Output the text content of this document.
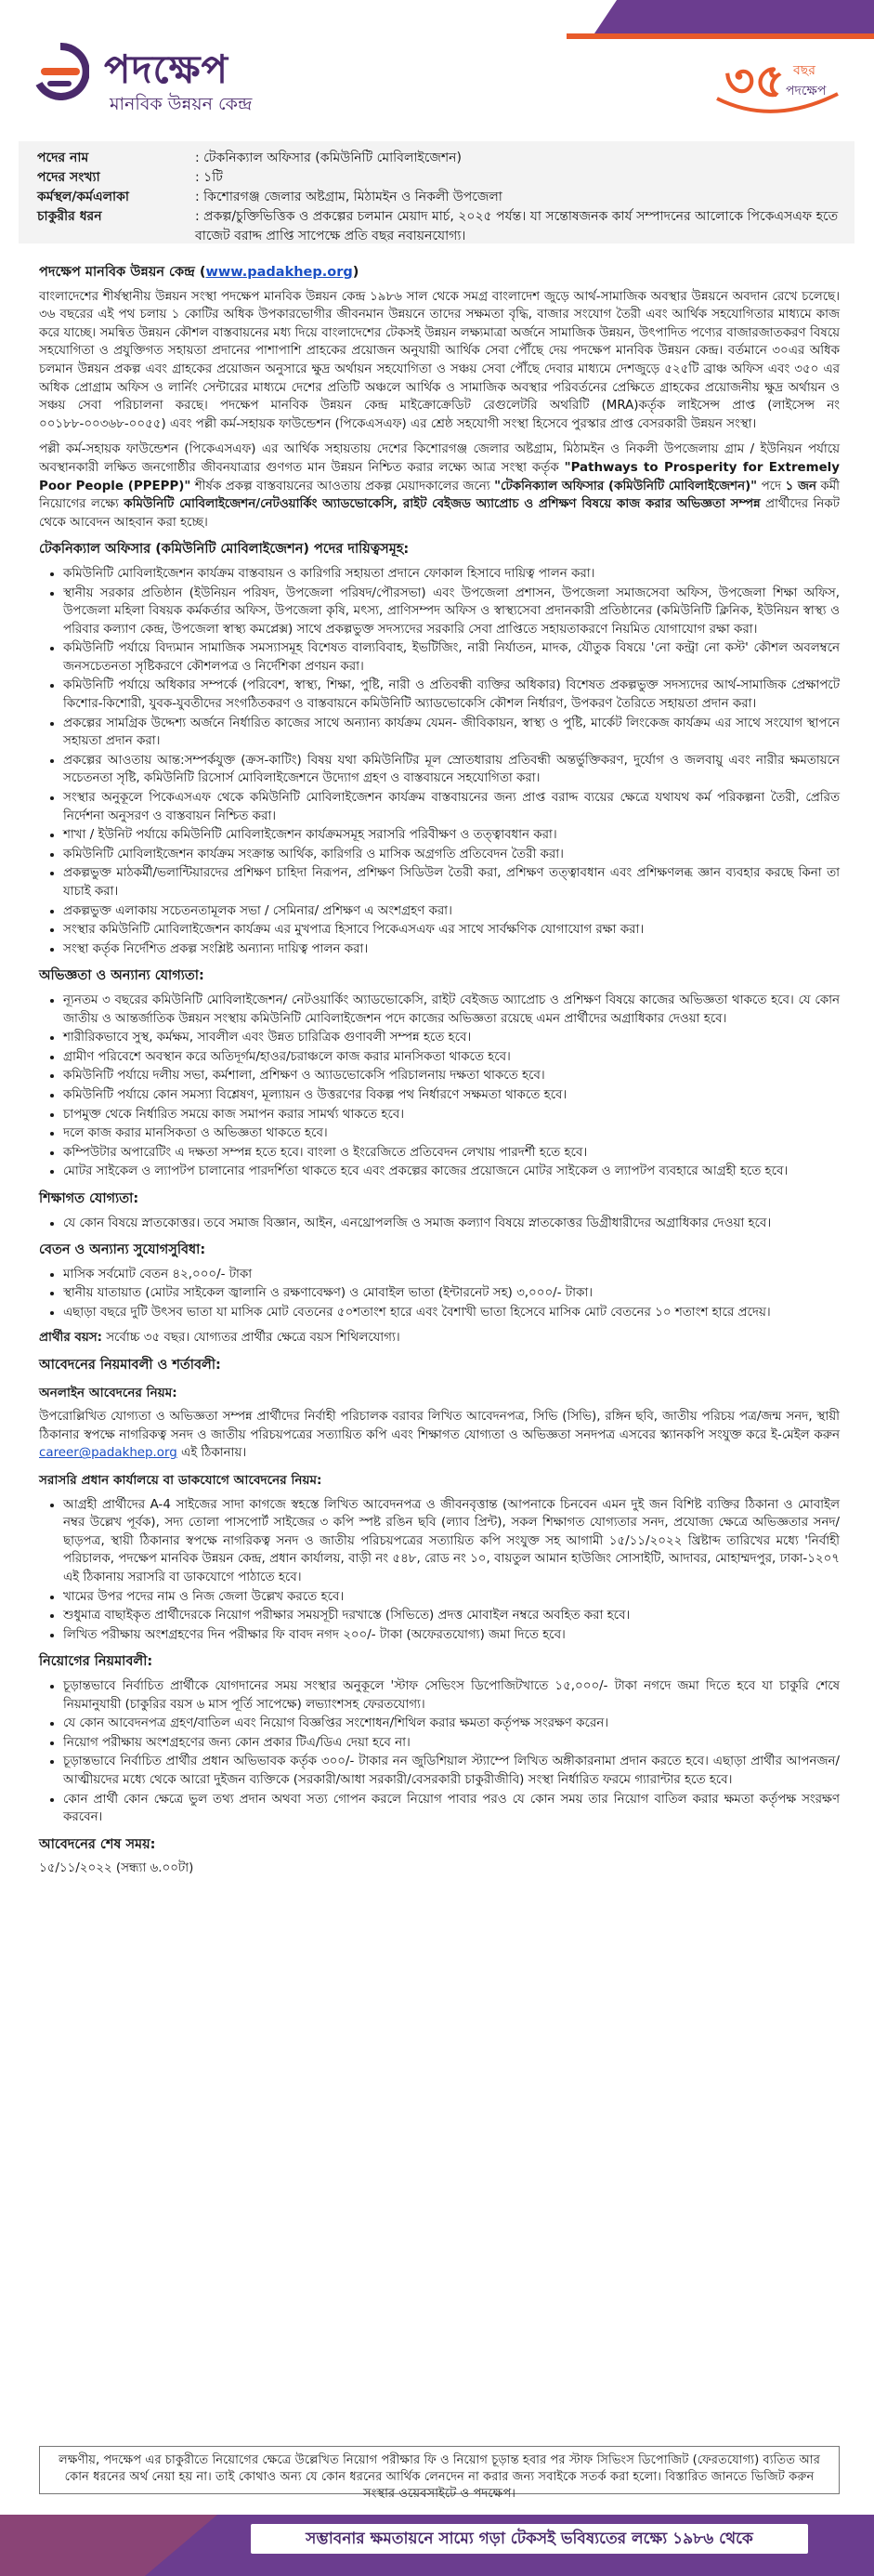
পদক্ষেপ
মানবিক উন্নয়ন কেন্দ্র	৩৫ বছর
পদক্ষেপ
পদের নাম	: টেকনিক্যাল অফিসার (কমিউনিটি মোবিলাইজেশন)
পদের সংখ্যা	: ১টি
কর্মস্থল/কর্মএলাকা	: কিশোরগঞ্জ জেলার অষ্টগ্রাম, মিঠামইন ও নিকলী উপজেলা
চাকুরীর ধরন	: প্রকল্প/চুক্তিভিত্তিক ও প্রকল্পের চলমান মেয়াদ মার্চ, ২০২৫ পর্যন্ত। যা সন্তোষজনক কার্য সম্পাদনের আলোকে পিকেএসএফ হতে বাজেট বরাদ্দ প্রাপ্তি সাপেক্ষে প্রতি বছর নবায়নযোগ্য।
পদক্ষেপ মানবিক উন্নয়ন কেন্দ্র (www.padakhep.org)

বাংলাদেশের শীর্ষস্থানীয় উন্নয়ন সংস্থা পদক্ষেপ মানবিক উন্নয়ন কেন্দ্র ১৯৮৬ সাল থেকে সমগ্র বাংলাদেশ জুড়ে আর্থ-সামাজিক অবস্থার উন্নয়নে অবদান রেখে চলেছে। ৩৬ বছরের এই পথ চলায় ১ কোটির অধিক উপকারভোগীর জীবনমান উন্নয়নে তাদের সক্ষমতা বৃদ্ধি, বাজার সংযোগ তৈরী এবং আর্থিক সহযোগিতার মাধ্যমে কাজ করে যাচ্ছে। সমন্বিত উন্নয়ন কৌশল বাস্তবায়নের মধ্য দিয়ে বাংলাদেশের টেকসই উন্নয়ন লক্ষ্যমাত্রা অর্জনে সামাজিক উন্নয়ন, উৎপাদিত পণ্যের বাজারজাতকরণ বিষয়ে সহযোগিতা ও প্রযুক্তিগত সহায়তা প্রদানের পাশাপাশি প্রাহকের প্রয়োজন অনুযায়ী আর্থিক সেবা পৌঁছে দেয় পদক্ষেপ মানবিক উন্নয়ন কেন্দ্র। বর্তমানে ৩০এর অধিক চলমান উন্নয়ন প্রকল্প এবং গ্রাহকের প্রয়োজন অনুসারে ক্ষুদ্র অর্থায়ন সহযোগিতা ও সঞ্চয় সেবা পৌঁছে দেবার মাধ্যমে দেশজুড়ে ৫২৫টি ব্রাঞ্চ অফিস এবং ৩৫০ এর অধিক প্রোগ্রাম অফিস ও লার্নিং সেন্টারের মাধ্যমে দেশের প্রতিটি অঞ্চলে আর্থিক ও সামাজিক অবস্থার পরিবর্তনের প্রেক্ষিতে গ্রাহকের প্রয়োজনীয় ক্ষুদ্র অর্থায়ন ও সঞ্চয় সেবা পরিচালনা করছে। পদক্ষেপ মানবিক উন্নয়ন কেন্দ্র মাইক্রোক্রেডিট রেগুলেটরি অথরিটি (MRA)কর্তৃক লাইসেন্স প্রাপ্ত (লাইসেন্স নং ০০১৮৮-০০৩৬৮-০০৫৫) এবং পল্লী কর্ম-সহায়ক ফাউন্ডেশন (পিকেএসএফ) এর শ্রেষ্ঠ সহযোগী সংস্থা হিসেবে পুরস্কার প্রাপ্ত বেসরকারী উন্নয়ন সংস্থা।

পল্লী কর্ম-সহায়ক ফাউন্ডেশন (পিকেএসএফ) এর আর্থিক সহায়তায় দেশের কিশোরগঞ্জ জেলার অষ্টগ্রাম, মিঠামইন ও নিকলী উপজেলায় গ্রাম / ইউনিয়ন পর্যায়ে অবস্থানকারী লক্ষিত জনগোষ্ঠীর জীবনযাত্রার গুণগত মান উন্নয়ন নিশ্চিত করার লক্ষ্যে আত্র সংস্থা কর্তৃক "Pathways to Prosperity for Extremely Poor People (PPEPP)" শীর্ষক প্রকল্প বাস্তবায়নের আওতায় প্রকল্প মেয়াদকালের জন্যে "টেকনিক্যাল অফিসার (কমিউনিটি মোবিলাইজেশন)" পদে ১ জন কর্মী নিয়োগের লক্ষ্যে কমিউনিটি মোবিলাইজেশন/নেটওয়ার্কিং অ্যাডভোকেসি, রাইট বেইজড অ্যাপ্রোচ ও প্রশিক্ষণ বিষয়ে কাজ করার অভিজ্ঞতা সম্পন্ন প্রার্থীদের নিকট থেকে আবেদন আহবান করা হচ্ছে।

টেকনিক্যাল অফিসার (কমিউনিটি মোবিলাইজেশন) পদের দায়িত্বসমূহ:
• কমিউনিটি মোবিলাইজেশন কার্যক্রম বাস্তবায়ন ও কারিগরি সহায়তা প্রদানে ফোকাল হিসাবে দায়িত্ব পালন করা।
• স্থানীয় সরকার প্রতিষ্ঠান (ইউনিয়ন পরিষদ, উপজেলা পরিষদ/পৌরসভা) এবং উপজেলা প্রশাসন, উপজেলা সমাজসেবা অফিস, উপজেলা শিক্ষা অফিস, উপজেলা মহিলা বিষয়ক কর্মকর্তার অফিস, উপজেলা কৃষি, মৎস্য, প্রাণিসম্পদ অফিস ও স্বাস্থ্যসেবা প্রদানকারী প্রতিষ্ঠানের (কমিউনিটি ক্লিনিক, ইউনিয়ন স্বাস্থ্য ও পরিবার কল্যাণ কেন্দ্র, উপজেলা স্বাস্থ্য কমপ্লেক্স) সাথে প্রকল্পভুক্ত সদস্যদের সরকারি সেবা প্রাপ্তিতে সহায়তাকরণে নিয়মিত যোগাযোগ রক্ষা করা।
• কমিউনিটি পর্যায়ে বিদ্যমান সামাজিক সমস্যাসমূহ বিশেষত বাল্যবিবাহ, ইভটিজিং, নারী নির্যাতন, মাদক, যৌতুক বিষয়ে 'নো কন্ট্রা নো কস্ট' কৌশল অবলম্বনে জনসচেতনতা সৃষ্টিকরণে কৌশলপত্র ও নির্দেশিকা প্রণয়ন করা।
• কমিউনিটি পর্যায়ে অধিকার সম্পর্কে (পরিবেশ, স্বাস্থ্য, শিক্ষা, পুষ্টি, নারী ও প্রতিবন্ধী ব্যক্তির অধিকার) বিশেষত প্রকল্পভুক্ত সদস্যদের আর্থ-সামাজিক প্রেক্ষাপটে কিশোর-কিশোরী, যুবক-যুবতীদের সংগঠিতকরণ ও বাস্তবায়নে কমিউনিটি অ্যাডভোকেসি কৌশল নির্ধারণ, উপকরণ তৈরিতে সহায়তা প্রদান করা।
• প্রকল্পের সামগ্রিক উদ্দেশ্য অর্জনে নির্ধারিত কাজের সাথে অন্যান্য কার্যক্রম যেমন- জীবিকায়ন, স্বাস্থ্য ও পুষ্টি, মার্কেট লিংকেজ কার্যক্রম এর সাথে সংযোগ স্থাপনে সহায়তা প্রদান করা।
• প্রকল্পের আওতায় আন্ত:সম্পর্কযুক্ত (ক্রস-কাটিং) বিষয় যথা কমিউনিটির মূল স্রোতধারায় প্রতিবন্ধী অন্তর্ভুক্তিকরণ, দুর্যোগ ও জলবায়ু এবং নারীর ক্ষমতায়নে সচেতনতা সৃষ্টি, কমিউনিটি রিসোর্স মোবিলাইজেশনে উদ্যোগ গ্রহণ ও বাস্তবায়নে সহযোগিতা করা।
• সংস্থার অনুকূলে পিকেএসএফ থেকে কমিউনিটি মোবিলাইজেশন কার্যক্রম বাস্তবায়নের জন্য প্রাপ্ত বরাদ্দ ব্যয়ের ক্ষেত্রে যথাযথ কর্ম পরিকল্পনা তৈরী, প্রেরিত নির্দেশনা অনুসরণ ও বাস্তবায়ন নিশ্চিত করা।
• শাখা / ইউনিট পর্যায়ে কমিউনিটি মোবিলাইজেশন কার্যক্রমসমূহ সরাসরি পরিবীক্ষণ ও তত্ত্বাবধান করা।
• কমিউনিটি মোবিলাইজেশন কার্যক্রম সংক্রান্ত আর্থিক, কারিগরি ও মাসিক অগ্রগতি প্রতিবেদন তৈরী করা।
• প্রকল্পভুক্ত মাঠকর্মী/ভলান্টিয়ারদের প্রশিক্ষণ চাহিদা নিরূপন, প্রশিক্ষণ সিডিউল তৈরী করা, প্রশিক্ষণ তত্ত্বাবধান এবং প্রশিক্ষণলব্ধ জ্ঞান ব্যবহার করছে কিনা তা যাচাই করা।
• প্রকল্পভুক্ত এলাকায় সচেতনতামূলক সভা / সেমিনার/ প্রশিক্ষণ এ অংশগ্রহণ করা।
• সংস্থার কমিউনিটি মোবিলাইজেশন কার্যক্রম এর মুখপাত্র হিসাবে পিকেএসএফ এর সাথে সার্বক্ষণিক যোগাযোগ রক্ষা করা।
• সংস্থা কর্তৃক নির্দেশিত প্রকল্প সংশ্লিষ্ট অন্যান্য দায়িত্ব পালন করা।
অভিজ্ঞতা ও অন্যান্য যোগ্যতা:
• ন্যূনতম ৩ বছরের কমিউনিটি মোবিলাইজেশন/ নেটওয়ার্কিং অ্যাডভোকেসি, রাইট বেইজড অ্যাপ্রোচ ও প্রশিক্ষণ বিষয়ে কাজের অভিজ্ঞতা থাকতে হবে। যে কোন জাতীয় ও আন্তর্জাতিক উন্নয়ন সংস্থায় কমিউনিটি মোবিলাইজেশন পদে কাজের অভিজ্ঞতা রয়েছে এমন প্রার্থীদের অগ্রাধিকার দেওয়া হবে।
• শারীরিকভাবে সুস্থ, কর্মক্ষম, সাবলীল এবং উন্নত চারিত্রিক গুণাবলী সম্পন্ন হতে হবে।
• গ্রামীণ পরিবেশে অবস্থান করে অতিদূর্গম/হাওর/চরাঞ্চলে কাজ করার মানসিকতা থাকতে হবে।
• কমিউনিটি পর্যায়ে দলীয় সভা, কর্মশালা, প্রশিক্ষণ ও অ্যাডভোকেসি পরিচালনায় দক্ষতা থাকতে হবে।
• কমিউনিটি পর্যায়ে কোন সমস্যা বিশ্লেষণ, মূল্যায়ন ও উত্তরণের বিকল্প পথ নির্ধারণে সক্ষমতা থাকতে হবে।
• চাপমুক্ত থেকে নির্ধারিত সময়ে কাজ সমাপন করার সামর্থ্য থাকতে হবে।
• দলে কাজ করার মানসিকতা ও অভিজ্ঞতা থাকতে হবে।
• কম্পিউটার অপারেটিং এ দক্ষতা সম্পন্ন হতে হবে। বাংলা ও ইংরেজিতে প্রতিবেদন লেখায় পারদর্শী হতে হবে।
• মোটর সাইকেল ও ল্যাপটপ চালানোর পারদর্শিতা থাকতে হবে এবং প্রকল্পের কাজের প্রয়োজনে মোটর সাইকেল ও ল্যাপটপ ব্যবহারে আগ্রহী হতে হবে।
শিক্ষাগত যোগ্যতা:
• যে কোন বিষয়ে স্নাতকোত্তর। তবে সমাজ বিজ্ঞান, আইন, এনথ্রোপলজি ও সমাজ কল্যাণ বিষয়ে স্নাতকোত্তর ডিগ্রীধারীদের অগ্রাধিকার দেওয়া হবে।
বেতন ও অন্যান্য সুযোগসুবিধা:
• মাসিক সর্বমোট বেতন ৪২,০০০/- টাকা
• স্থানীয় যাতায়াত (মোটর সাইকেল জ্বালানি ও রক্ষণাবেক্ষণ) ও মোবাইল ভাতা (ইন্টারনেট সহ) ৩,০০০/- টাকা।
• এছাড়া বছরে দুটি উৎসব ভাতা যা মাসিক মোট বেতনের ৫০শতাংশ হারে এবং বৈশাখী ভাতা হিসেবে মাসিক মোট বেতনের ১০ শতাংশ হারে প্রদেয়।
প্রার্থীর বয়স: সর্বোচ্চ ৩৫ বছর। যোগ্যতর প্রার্থীর ক্ষেত্রে বয়স শিথিলযোগ্য।
আবেদনের নিয়মাবলী ও শর্তাবলী:
অনলাইন আবেদনের নিয়ম:

উপরোল্লিখিত যোগ্যতা ও অভিজ্ঞতা সম্পন্ন প্রার্থীদের নির্বাহী পরিচালক বরাবর লিখিত আবেদনপত্র, সিভি (সিভি), রঙ্গিন ছবি, জাতীয় পরিচয় পত্র/জন্ম সনদ, স্থায়ী ঠিকানার স্বপক্ষে নাগরিকত্ব সনদ ও জাতীয় পরিচয়পত্রের সত্যায়িত কপি এবং শিক্ষাগত যোগ্যতা ও অভিজ্ঞতা সনদপত্র এসবের স্ক্যানকপি সংযুক্ত করে ই-মেইল করুন career@padakhep.org এই ঠিকানায়।

সরাসরি প্রধান কার্যালয়ে বা ডাকযোগে আবেদনের নিয়ম:
• আগ্রহী প্রার্থীদের A-4 সাইজের সাদা কাগজে স্বহস্তে লিখিত আবেদনপত্র ও জীবনবৃত্তান্ত (আপনাকে চিনবেন এমন দুই জন বিশিষ্ট ব্যক্তির ঠিকানা ও মোবাইল নম্বর উল্লেখ পূর্বক), সদ্য তোলা পাসপোর্ট সাইজের ৩ কপি স্পষ্ট রঙিন ছবি (ল্যাব প্রিন্ট), সকল শিক্ষাগত যোগ্যতার সনদ, প্রযোজ্য ক্ষেত্রে অভিজ্ঞতার সনদ/ছাড়পত্র, স্থায়ী ঠিকানার স্বপক্ষে নাগরিকত্ব সনদ ও জাতীয় পরিচয়পত্রের সত্যায়িত কপি সংযুক্ত সহ আগামী ১৫/১১/২০২২ খ্রিষ্টাব্দ তারিখের মধ্যে 'নির্বাহী পরিচালক, পদক্ষেপ মানবিক উন্নয়ন কেন্দ্র, প্রধান কার্যালয়, বাড়ী নং ৫৪৮, রোড নং ১০, বায়তুল আমান হাউজিং সোসাইটি, আদাবর, মোহাম্মদপুর, ঢাকা-১২০৭ এই ঠিকানায় সরাসরি বা ডাকযোগে পাঠাতে হবে।
• খামের উপর পদের নাম ও নিজ জেলা উল্লেখ করতে হবে।
• শুধুমাত্র বাছাইকৃত প্রার্থীদেরকে নিয়োগ পরীক্ষার সময়সূচী দরখাস্তে (সিভিতে) প্রদত্ত মোবাইল নম্বরে অবহিত করা হবে।
• লিখিত পরীক্ষায় অংশগ্রহণের দিন পরীক্ষার ফি বাবদ নগদ ২০০/- টাকা (অফেরতযোগ্য) জমা দিতে হবে।
নিয়োগের নিয়মাবলী:
• চূড়ান্তভাবে নির্বাচিত প্রার্থীকে যোগদানের সময় সংস্থার অনুকূলে 'স্টাফ সেভিংস ডিপোজিটখাতে ১৫,০০০/- টাকা নগদে জমা দিতে হবে যা চাকুরি শেষে নিয়মানুযায়ী (চাকুরির বয়স ৬ মাস পূর্তি সাপেক্ষে) লভ্যাংশসহ ফেরতযোগ্য।
• যে কোন আবেদনপত্র গ্রহণ/বাতিল এবং নিয়োগ বিজ্ঞপ্তির সংশোধন/শিথিল করার ক্ষমতা কর্তৃপক্ষ সংরক্ষণ করেন।
• নিয়োগ পরীক্ষায় অংশগ্রহণের জন্য কোন প্রকার টিএ/ডিএ দেয়া হবে না।
• চূড়ান্তভাবে নির্বাচিত প্রার্থীর প্রধান অভিভাবক কর্তৃক ৩০০/- টাকার নন জুডিশিয়াল স্ট্যাম্পে লিখিত অঙ্গীকারনামা প্রদান করতে হবে। এছাড়া প্রার্থীর আপনজন/ আত্মীয়দের মধ্যে থেকে আরো দুইজন ব্যক্তিকে (সরকারী/আধা সরকারী/বেসরকারী চাকুরীজীবি) সংস্থা নির্ধারিত ফরমে গ্যারান্টার হতে হবে।
• কোন প্রার্থী কোন ক্ষেত্রে ভুল তথ্য প্রদান অথবা সত্য গোপন করলে নিয়োগ পাবার পরও যে কোন সময় তার নিয়োগ বাতিল করার ক্ষমতা কর্তৃপক্ষ সংরক্ষণ করবেন।
আবেদনের শেষ সময়:
১৫/১১/২০২২ (সন্ধ্যা ৬.০০টা)
লক্ষণীয়, পদক্ষেপ এর চাকুরীতে নিয়োগের ক্ষেত্রে উল্লেখিত নিয়োগ পরীক্ষার ফি ও নিয়োগ চূড়ান্ত হবার পর স্টাফ সিভিংস ডিপোজিট (ফেরতযোগ্য) ব্যতিত আর কোন ধরনের অর্থ নেয়া হয় না। তাই কোথাও অন্য যে কোন ধরনের আর্থিক লেনদেন না করার জন্য সবাইকে সতর্ক করা হলো। বিস্তারিত জানতে ভিজিট করুন সংস্থার ওয়েবসাইটে ও পদক্ষেপ।
সম্ভাবনার ক্ষমতায়নে সাম্যে গড়া টেকসই ভবিষ্যতের লক্ষ্যে ১৯৮৬ থেকে
